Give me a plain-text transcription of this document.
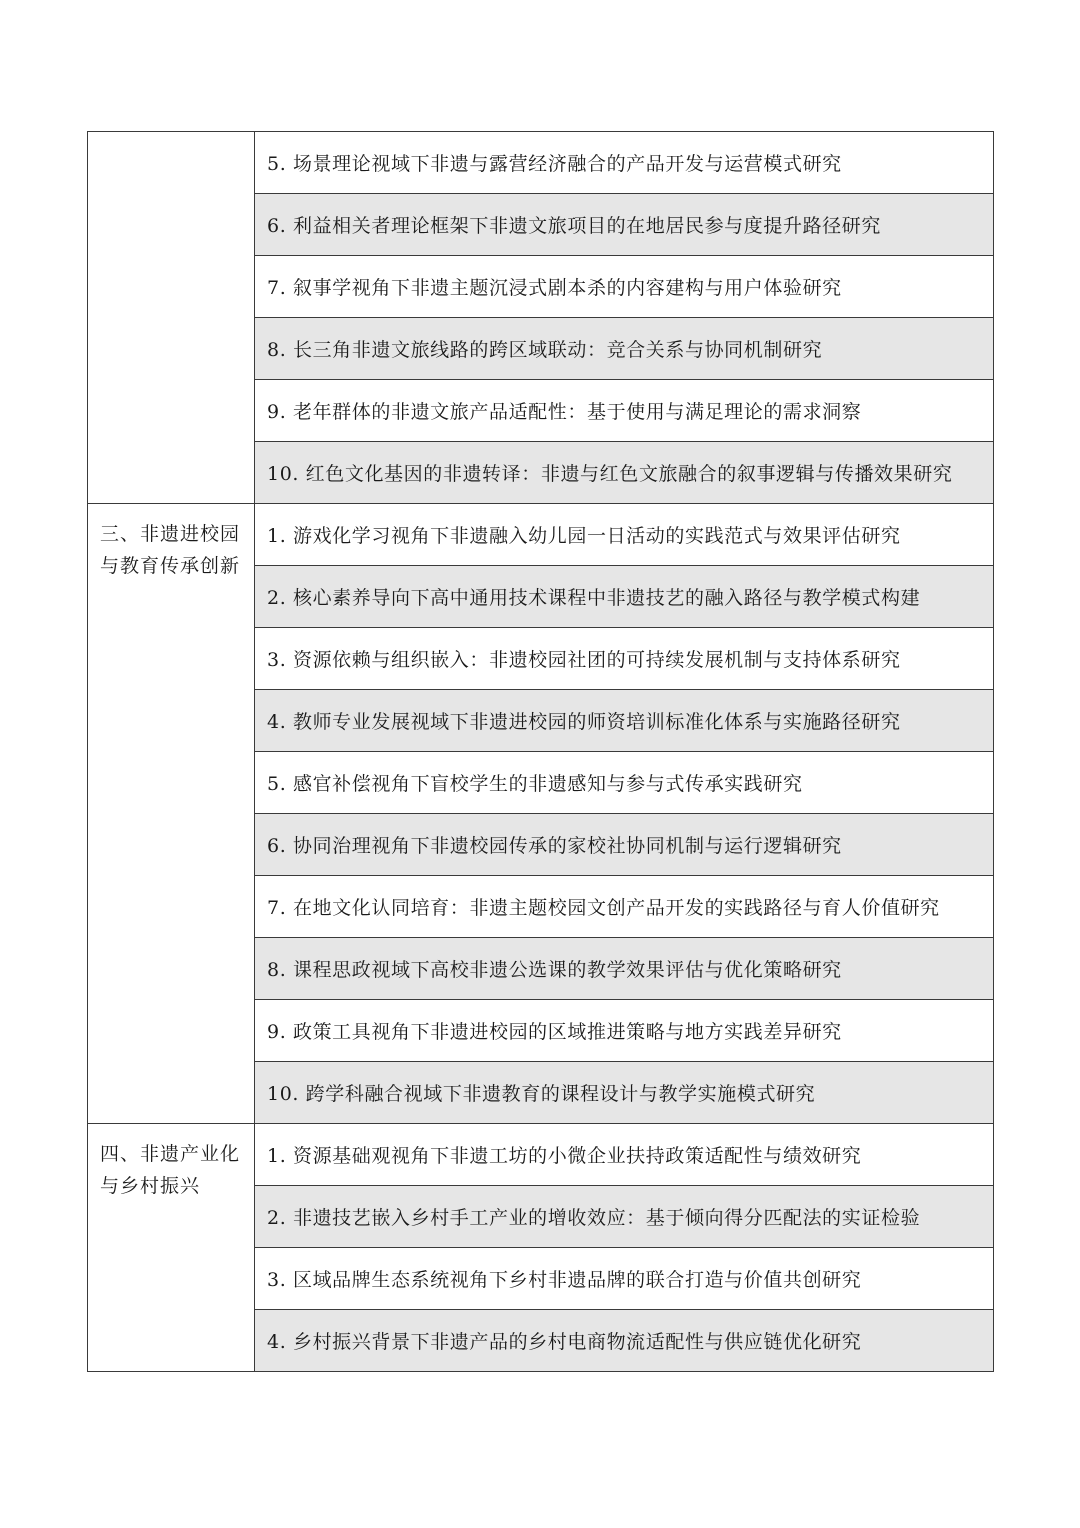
	5. 场景理论视域下非遗与露营经济融合的产品开发与运营模式研究
	6. 利益相关者理论框架下非遗文旅项目的在地居民参与度提升路径研究
	7. 叙事学视角下非遗主题沉浸式剧本杀的内容建构与用户体验研究
	8. 长三角非遗文旅线路的跨区域联动：竞合关系与协同机制研究
	9. 老年群体的非遗文旅产品适配性：基于使用与满足理论的需求洞察
	10. 红色文化基因的非遗转译：非遗与红色文旅融合的叙事逻辑与传播效果研究

三、非遗进校园与教育传承创新	1. 游戏化学习视角下非遗融入幼儿园一日活动的实践范式与效果评估研究
	2. 核心素养导向下高中通用技术课程中非遗技艺的融入路径与教学模式构建
	3. 资源依赖与组织嵌入：非遗校园社团的可持续发展机制与支持体系研究
	4. 教师专业发展视域下非遗进校园的师资培训标准化体系与实施路径研究
	5. 感官补偿视角下盲校学生的非遗感知与参与式传承实践研究
	6. 协同治理视角下非遗校园传承的家校社协同机制与运行逻辑研究
	7. 在地文化认同培育：非遗主题校园文创产品开发的实践路径与育人价值研究
	8. 课程思政视域下高校非遗公选课的教学效果评估与优化策略研究
	9. 政策工具视角下非遗进校园的区域推进策略与地方实践差异研究
	10. 跨学科融合视域下非遗教育的课程设计与教学实施模式研究

四、非遗产业化与乡村振兴	1. 资源基础观视角下非遗工坊的小微企业扶持政策适配性与绩效研究
	2. 非遗技艺嵌入乡村手工产业的增收效应：基于倾向得分匹配法的实证检验
	3. 区域品牌生态系统视角下乡村非遗品牌的联合打造与价值共创研究
	4. 乡村振兴背景下非遗产品的乡村电商物流适配性与供应链优化研究
